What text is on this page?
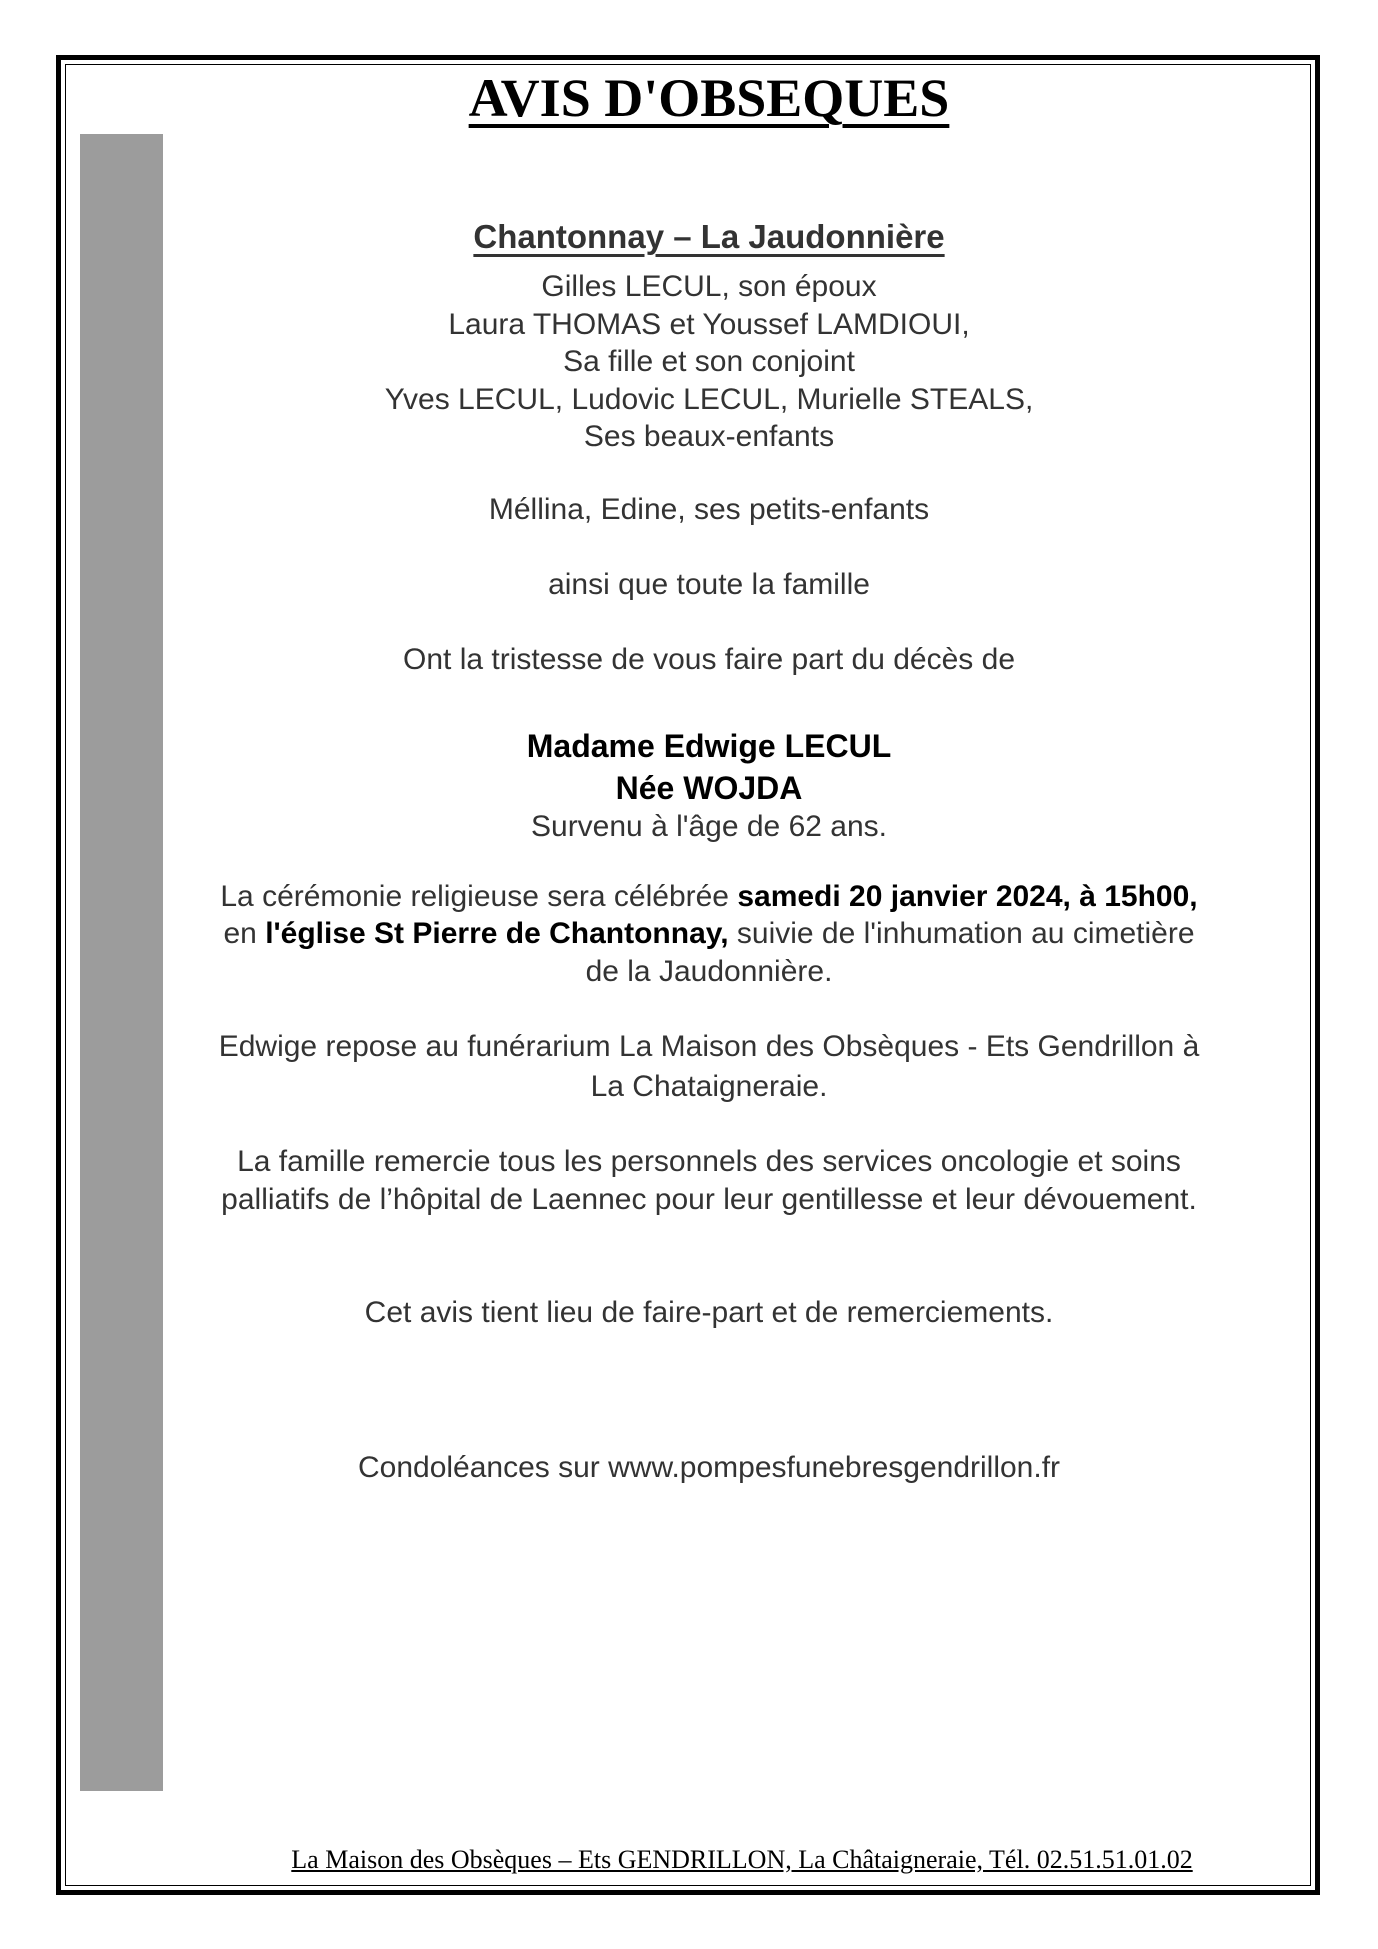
AVIS D'OBSEQUES
Chantonnay – La Jaudonnière
Gilles LECUL, son époux
Laura THOMAS et Youssef LAMDIOUI,
Sa fille et son conjoint
Yves LECUL, Ludovic LECUL, Murielle STEALS,
Ses beaux-enfants
Méllina, Edine, ses petits-enfants
ainsi que toute la famille
Ont la tristesse de vous faire part du décès de
Madame Edwige LECUL
Née WOJDA
Survenu à l'âge de 62 ans.
La cérémonie religieuse sera célébrée samedi 20 janvier 2024, à 15h00,
en l'église St Pierre de Chantonnay, suivie de l'inhumation au cimetière
de la Jaudonnière.
Edwige repose au funérarium La Maison des Obsèques - Ets Gendrillon à
La Chataigneraie.
La famille remercie tous les personnels des services oncologie et soins
palliatifs de l’hôpital de Laennec pour leur gentillesse et leur dévouement.
Cet avis tient lieu de faire-part et de remerciements.
Condoléances sur www.pompesfunebresgendrillon.fr
La Maison des Obsèques – Ets GENDRILLON, La Châtaigneraie, Tél. 02.51.51.01.02
